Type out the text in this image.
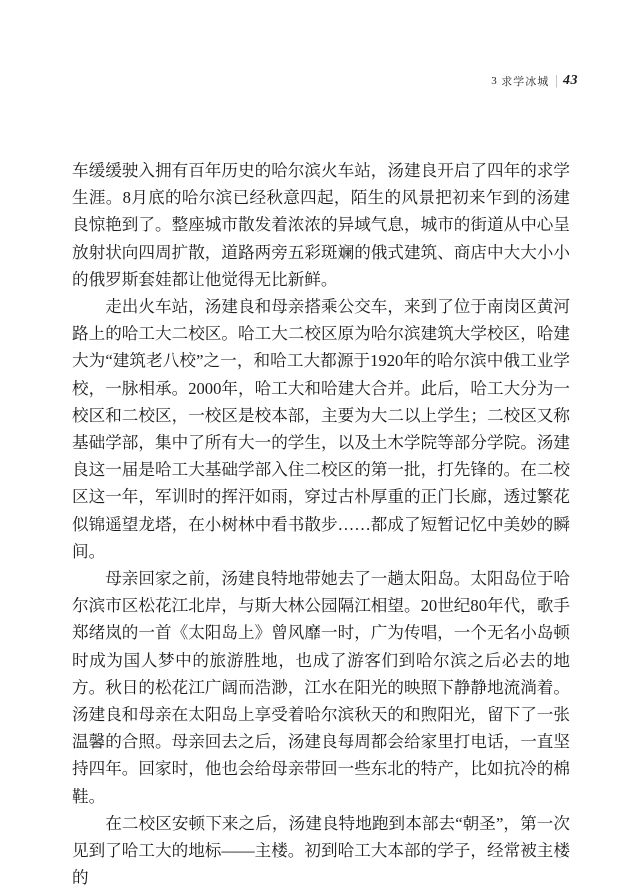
3 求学冰城 | 43

车缓缓驶入拥有百年历史的哈尔滨火车站，汤建良开启了四年的求学生涯。8月底的哈尔滨已经秋意四起，陌生的风景把初来乍到的汤建良惊艳到了。整座城市散发着浓浓的异域气息，城市的街道从中心呈放射状向四周扩散，道路两旁五彩斑斓的俄式建筑、商店中大大小小的俄罗斯套娃都让他觉得无比新鲜。

走出火车站，汤建良和母亲搭乘公交车，来到了位于南岗区黄河路上的哈工大二校区。哈工大二校区原为哈尔滨建筑大学校区，哈建大为“建筑老八校”之一，和哈工大都源于1920年的哈尔滨中俄工业学校，一脉相承。2000年，哈工大和哈建大合并。此后，哈工大分为一校区和二校区，一校区是校本部，主要为大二以上学生；二校区又称基础学部，集中了所有大一的学生，以及土木学院等部分学院。汤建良这一届是哈工大基础学部入住二校区的第一批，打先锋的。在二校区这一年，军训时的挥汗如雨，穿过古朴厚重的正门长廊，透过繁花似锦遥望龙塔，在小树林中看书散步……都成了短暂记忆中美妙的瞬间。

母亲回家之前，汤建良特地带她去了一趟太阳岛。太阳岛位于哈尔滨市区松花江北岸，与斯大林公园隔江相望。20世纪80年代，歌手郑绪岚的一首《太阳岛上》曾风靡一时，广为传唱，一个无名小岛顿时成为国人梦中的旅游胜地，也成了游客们到哈尔滨之后必去的地方。秋日的松花江广阔而浩渺，江水在阳光的映照下静静地流淌着。汤建良和母亲在太阳岛上享受着哈尔滨秋天的和煦阳光，留下了一张温馨的合照。母亲回去之后，汤建良每周都会给家里打电话，一直坚持四年。回家时，他也会给母亲带回一些东北的特产，比如抗冷的棉鞋。

在二校区安顿下来之后，汤建良特地跑到本部去“朝圣”，第一次见到了哈工大的地标——主楼。初到哈工大本部的学子，经常被主楼的
